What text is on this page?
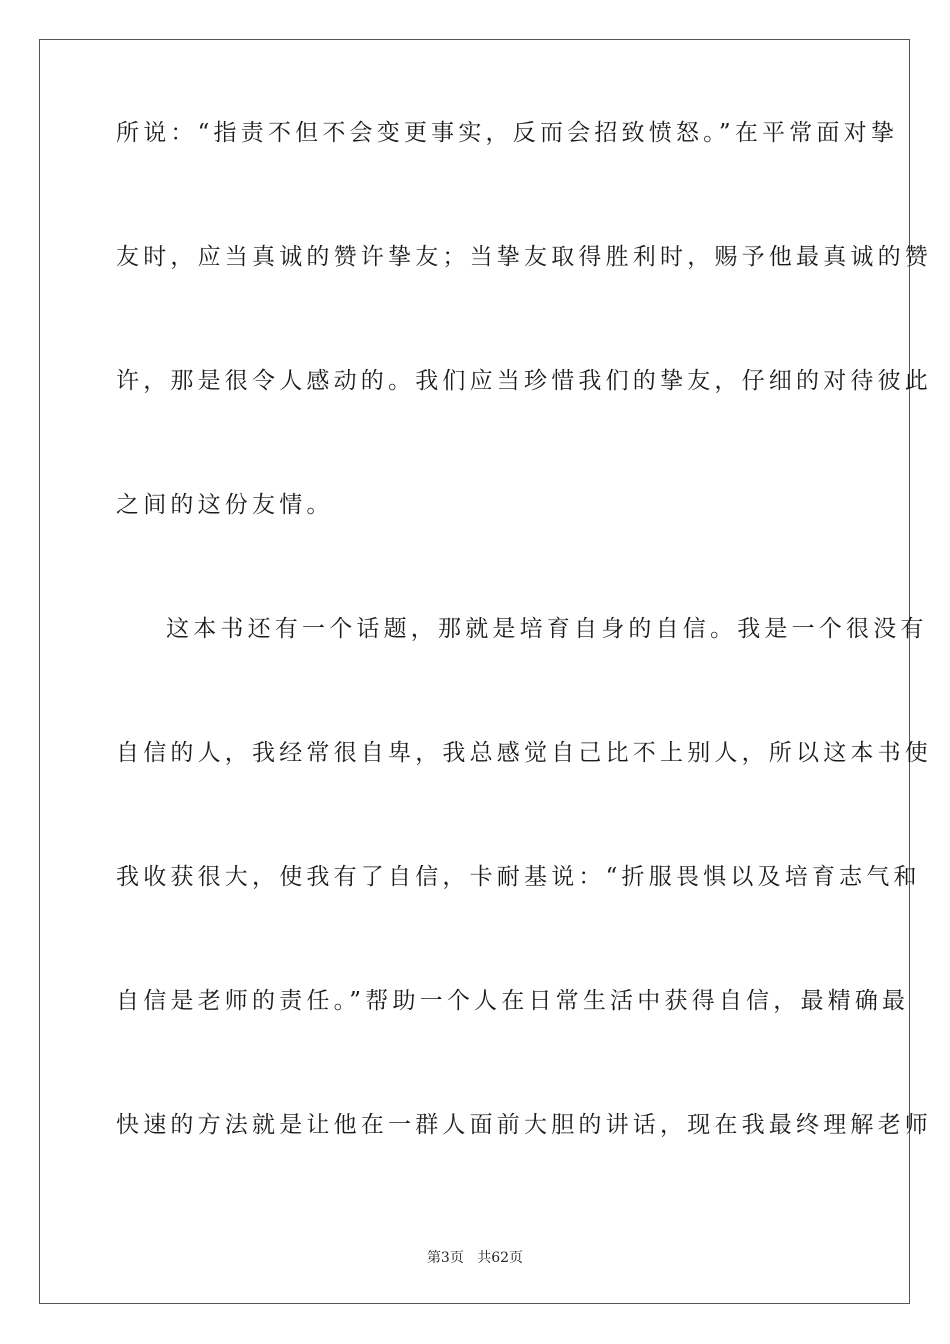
所说：“指责不但不会变更事实，反而会招致愤怒。”在平常面对挚

友时，应当真诚的赞许挚友；当挚友取得胜利时，赐予他最真诚的赞

许，那是很令人感动的。我们应当珍惜我们的挚友，仔细的对待彼此

之间的这份友情。

这本书还有一个话题，那就是培育自身的自信。我是一个很没有

自信的人，我经常很自卑，我总感觉自己比不上别人，所以这本书使

我收获很大，使我有了自信，卡耐基说：“折服畏惧以及培育志气和

自信是老师的责任。”帮助一个人在日常生活中获得自信，最精确最

快速的方法就是让他在一群人面前大胆的讲话，现在我最终理解老师

第3页 共62页
